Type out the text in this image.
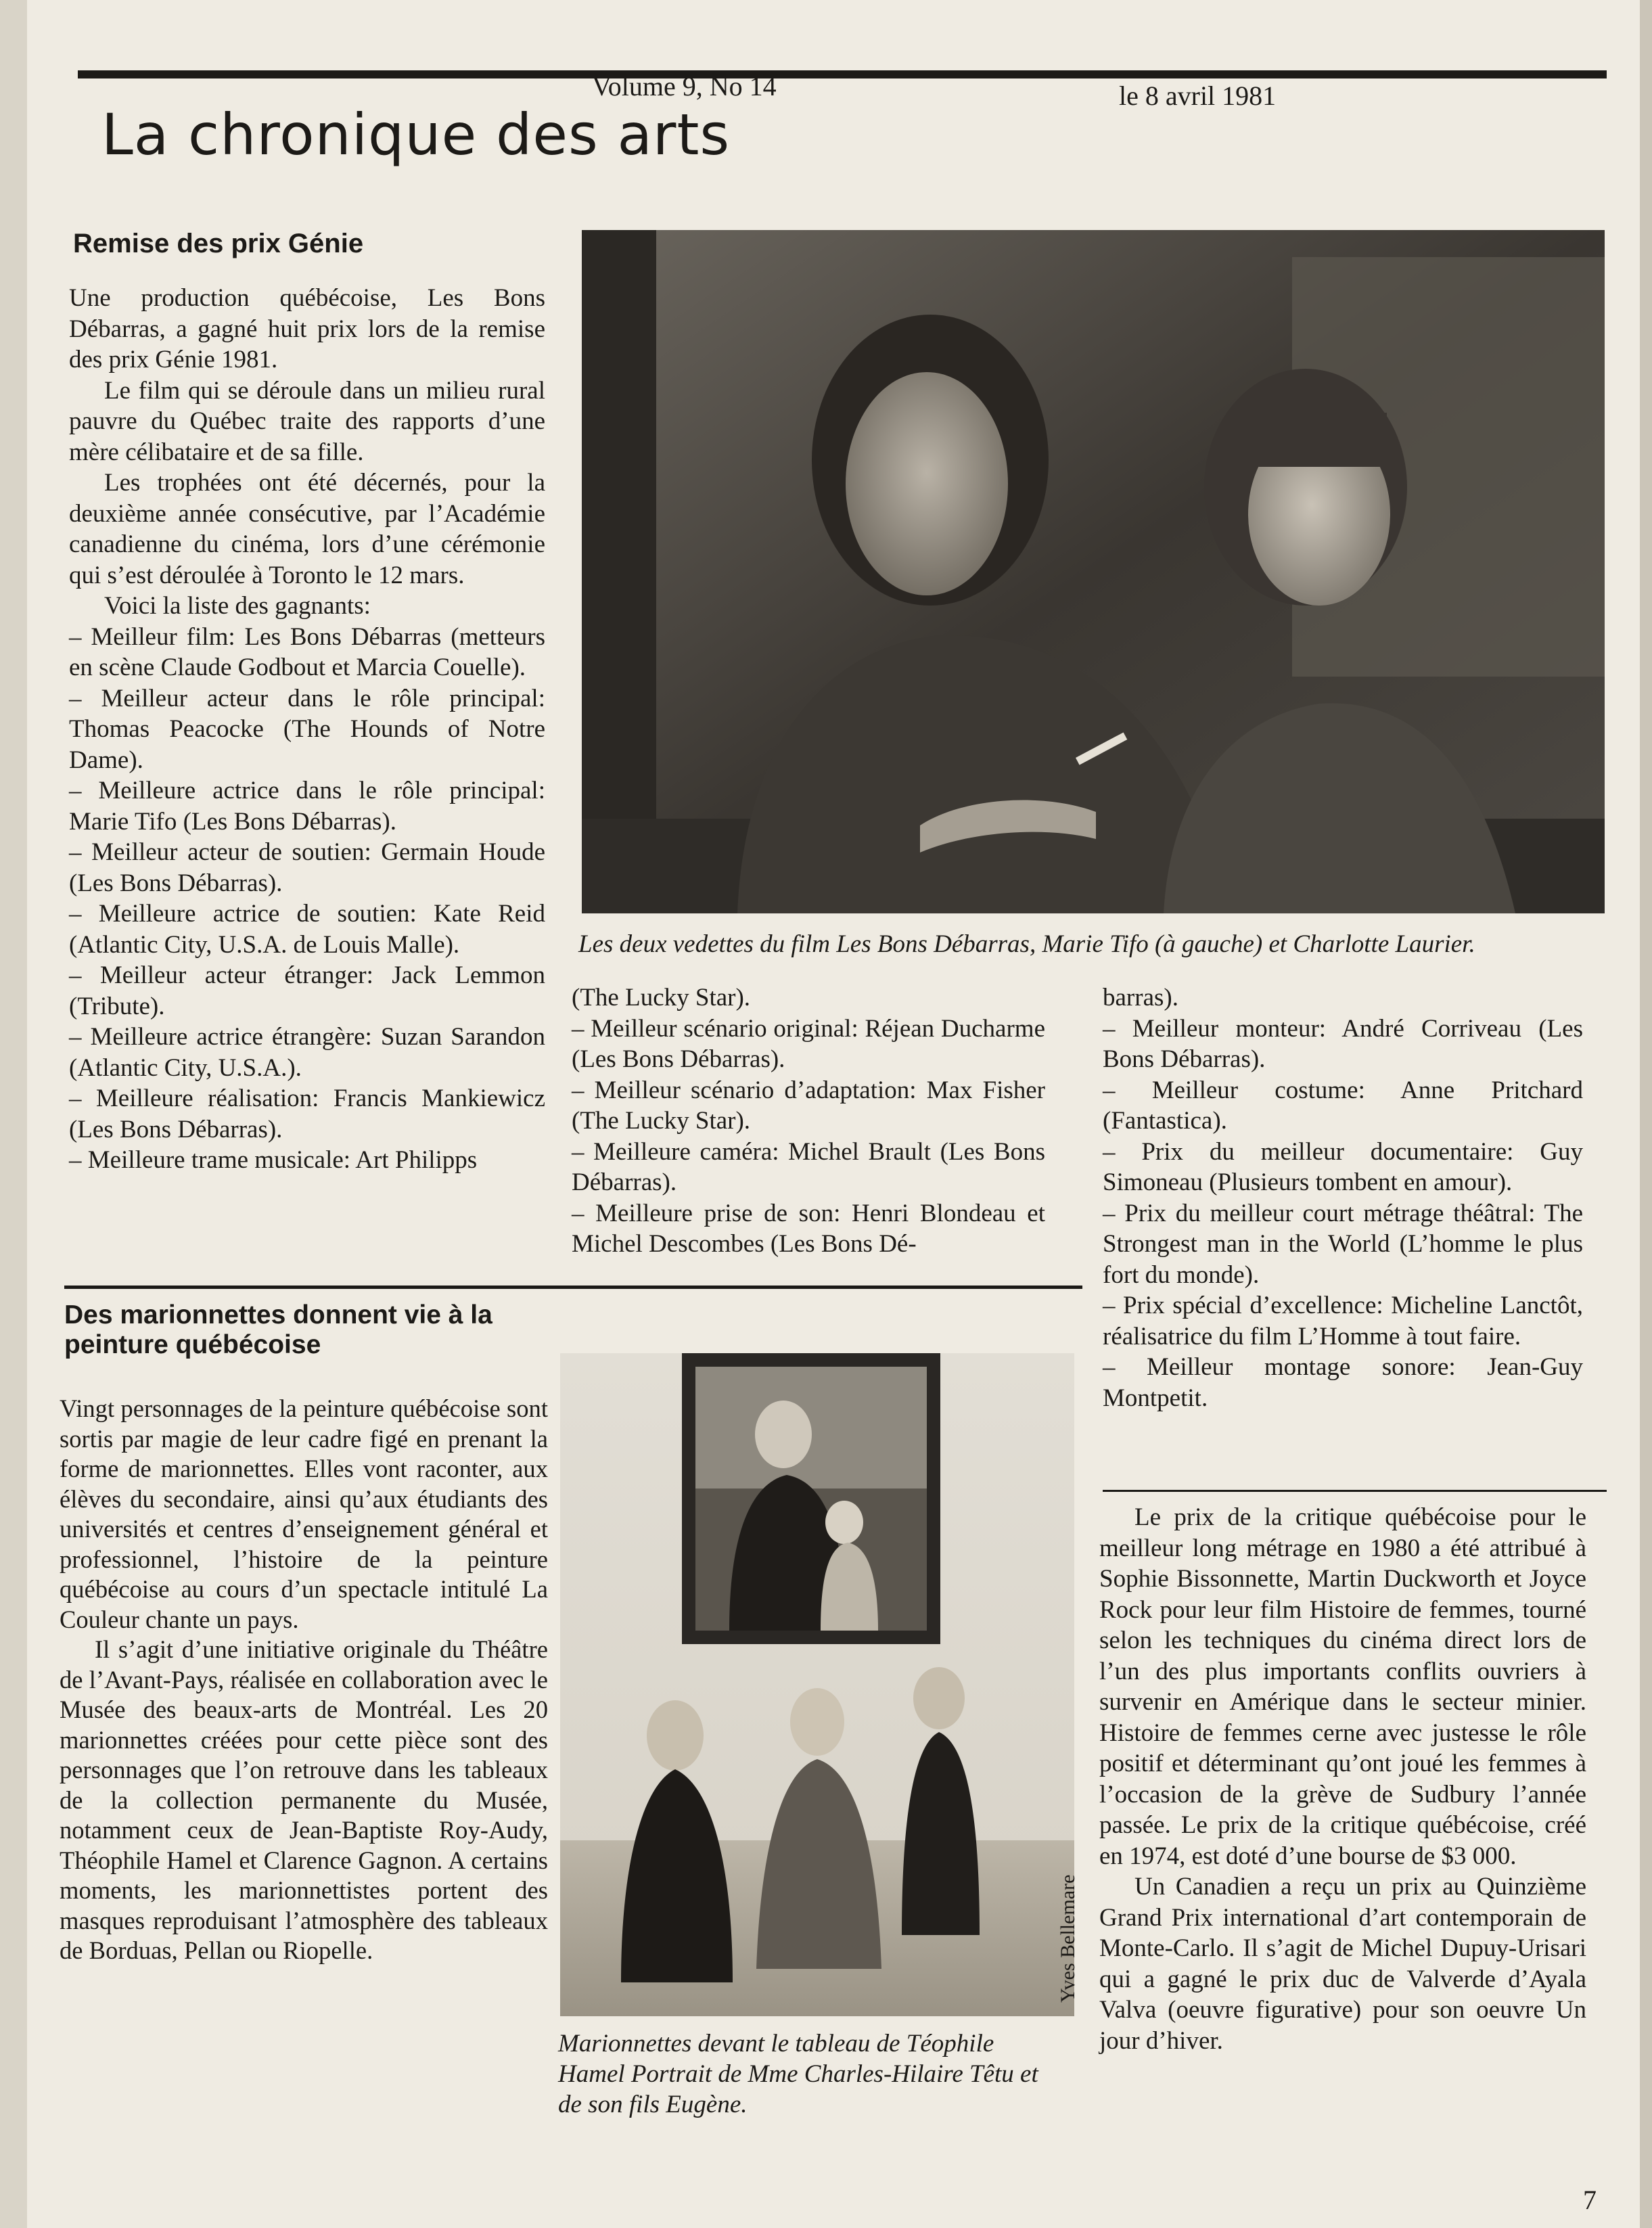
Volume 9, No 14	le 8 avril 1981
La chronique des arts
Remise des prix Génie

Une production québécoise, Les Bons Débarras, a gagné huit prix lors de la remise des prix Génie 1981.

Le film qui se déroule dans un milieu rural pauvre du Québec traite des rapports d’une mère célibataire et de sa fille.

Les trophées ont été décernés, pour la deuxième année consécutive, par l’Académie canadienne du cinéma, lors d’une cérémonie qui s’est déroulée à Toronto le 12 mars.

Voici la liste des gagnants:

– Meilleur film: Les Bons Débarras (metteurs en scène Claude Godbout et Marcia Couelle).
– Meilleur acteur dans le rôle principal: Thomas Peacocke (The Hounds of Notre Dame).
– Meilleure actrice dans le rôle principal: Marie Tifo (Les Bons Débarras).
– Meilleur acteur de soutien: Germain Houde (Les Bons Débarras).
– Meilleure actrice de soutien: Kate Reid (Atlantic City, U.S.A. de Louis Malle).
– Meilleur acteur étranger: Jack Lemmon (Tribute).
– Meilleure actrice étrangère: Suzan Sarandon (Atlantic City, U.S.A.).
– Meilleure réalisation: Francis Mankiewicz (Les Bons Débarras).
– Meilleure trame musicale: Art Philipps
Les deux vedettes du film Les Bons Débarras, Marie Tifo (à gauche) et Charlotte Laurier.
(The Lucky Star).
– Meilleur scénario original: Réjean Ducharme (Les Bons Débarras).
– Meilleur scénario d’adaptation: Max Fisher (The Lucky Star).
– Meilleure caméra: Michel Brault (Les Bons Débarras).
– Meilleure prise de son: Henri Blondeau et Michel Descombes (Les Bons Dé-
barras).
– Meilleur monteur: André Corriveau (Les Bons Débarras).
– Meilleur costume: Anne Pritchard (Fantastica).
– Prix du meilleur documentaire: Guy Simoneau (Plusieurs tombent en amour).
– Prix du meilleur court métrage théâtral: The Strongest man in the World (L’homme le plus fort du monde).
– Prix spécial d’excellence: Micheline Lanctôt, réalisatrice du film L’Homme à tout faire.
– Meilleur montage sonore: Jean-Guy Montpetit.
Des marionnettes donnent vie à la peinture québécoise

Vingt personnages de la peinture québécoise sont sortis par magie de leur cadre figé en prenant la forme de marionnettes. Elles vont raconter, aux élèves du secondaire, ainsi qu’aux étudiants des universités et centres d’enseignement général et professionnel, l’histoire de la peinture québécoise au cours d’un spectacle intitulé La Couleur chante un pays.

Il s’agit d’une initiative originale du Théâtre de l’Avant-Pays, réalisée en collaboration avec le Musée des beaux-arts de Montréal. Les 20 marionnettes créées pour cette pièce sont des personnages que l’on retrouve dans les tableaux de la collection permanente du Musée, notamment ceux de Jean-Baptiste Roy-Audy, Théophile Hamel et Clarence Gagnon. A certains moments, les marionnettistes portent des masques reproduisant l’atmosphère des tableaux de Borduas, Pellan ou Riopelle.	Yves Bellemare
Marionnettes devant le tableau de Téophile Hamel Portrait de Mme Charles-Hilaire Têtu et de son fils Eugène.

Le prix de la critique québécoise pour le meilleur long métrage en 1980 a été attribué à Sophie Bissonnette, Martin Duckworth et Joyce Rock pour leur film Histoire de femmes, tourné selon les techniques du cinéma direct lors de l’un des plus importants conflits ouvriers à survenir en Amérique dans le secteur minier. Histoire de femmes cerne avec justesse le rôle positif et déterminant qu’ont joué les femmes à l’occasion de la grève de Sudbury l’année passée. Le prix de la critique québécoise, créé en 1974, est doté d’une bourse de $3 000.

Un Canadien a reçu un prix au Quinzième Grand Prix international d’art contemporain de Monte-Carlo. Il s’agit de Michel Dupuy-Urisari qui a gagné le prix duc de Valverde d’Ayala Valva (oeuvre figurative) pour son oeuvre Un jour d’hiver.

7
